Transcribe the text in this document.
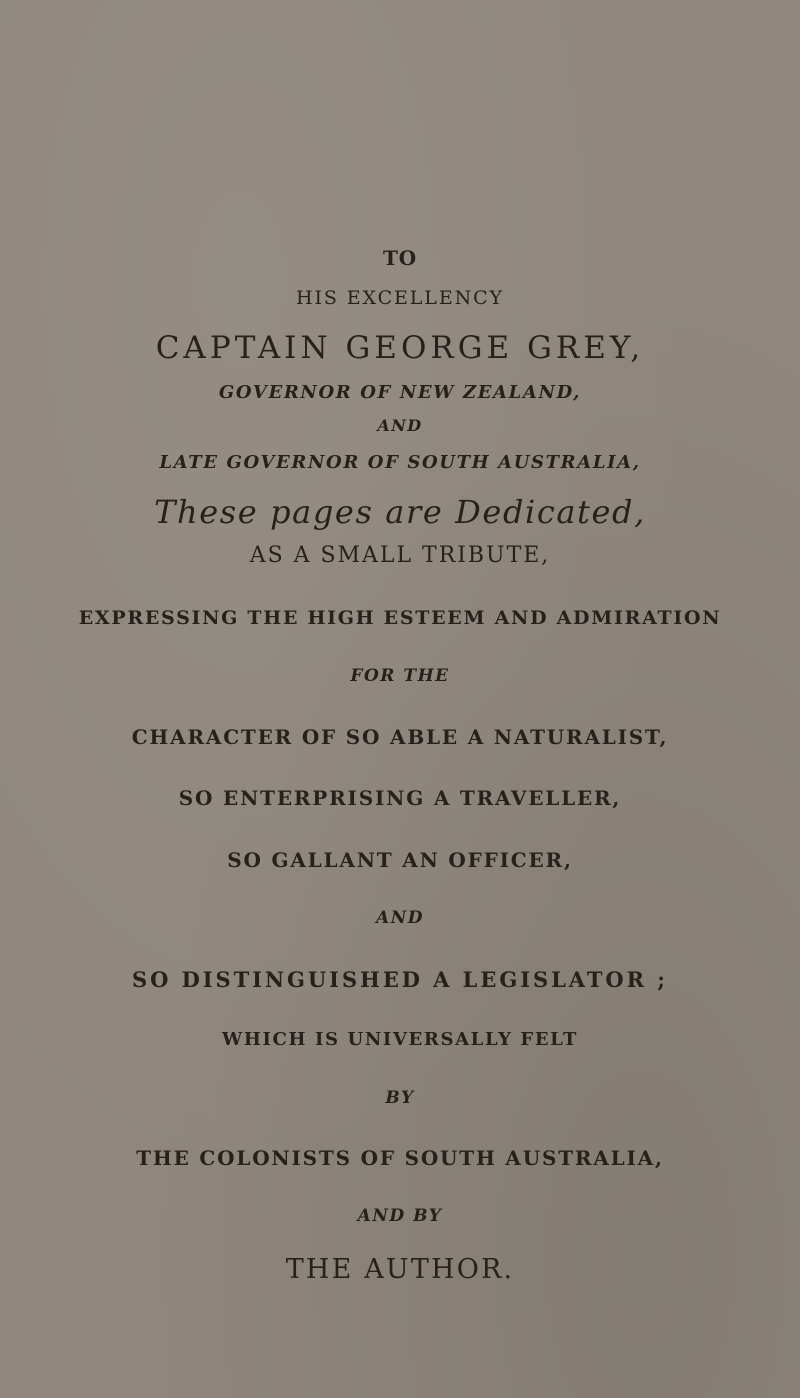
TO
HIS EXCELLENCY
CAPTAIN GEORGE GREY,
GOVERNOR OF NEW ZEALAND,
AND
LATE GOVERNOR OF SOUTH AUSTRALIA,
These pages are Dedicated,
AS A SMALL TRIBUTE,
EXPRESSING THE HIGH ESTEEM AND ADMIRATION
FOR THE
CHARACTER OF SO ABLE A NATURALIST,
SO ENTERPRISING A TRAVELLER,
SO GALLANT AN OFFICER,
AND
SO DISTINGUISHED A LEGISLATOR ;
WHICH IS UNIVERSALLY FELT
BY
THE COLONISTS OF SOUTH AUSTRALIA,
AND BY
THE AUTHOR.
